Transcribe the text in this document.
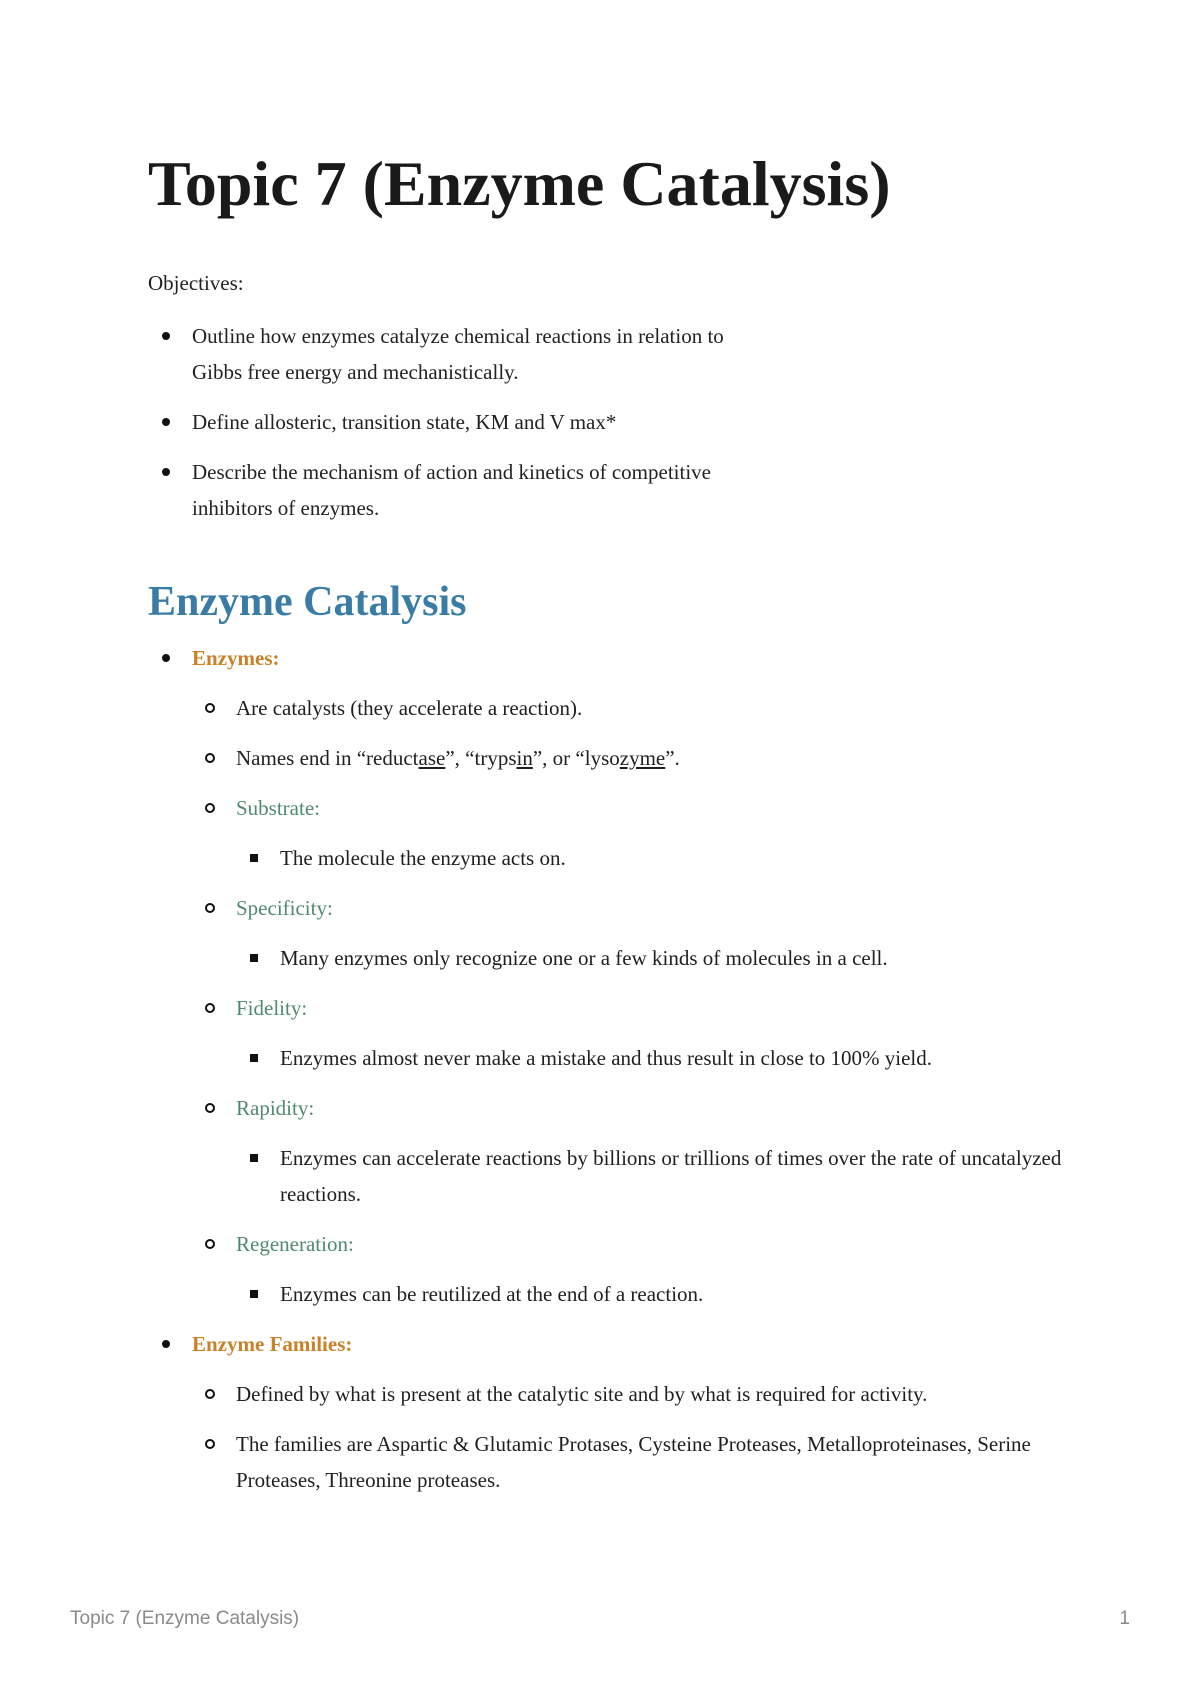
Topic 7 (Enzyme Catalysis)
Objectives:
Outline how enzymes catalyze chemical reactions in relation to Gibbs free energy and mechanistically.
Define allosteric, transition state, KM and V max*
Describe the mechanism of action and kinetics of competitive inhibitors of enzymes.
Enzyme Catalysis
Enzymes:
Are catalysts (they accelerate a reaction).
Names end in “reductase”, “trypsin”, or “lysozyme”.
Substrate:
The molecule the enzyme acts on.
Specificity:
Many enzymes only recognize one or a few kinds of molecules in a cell.
Fidelity:
Enzymes almost never make a mistake and thus result in close to 100% yield.
Rapidity:
Enzymes can accelerate reactions by billions or trillions of times over the rate of uncatalyzed reactions.
Regeneration:
Enzymes can be reutilized at the end of a reaction.
Enzyme Families:
Defined by what is present at the catalytic site and by what is required for activity.
The families are Aspartic & Glutamic Protases, Cysteine Proteases, Metalloproteinases, Serine Proteases, Threonine proteases.
Topic 7 (Enzyme Catalysis)	1
